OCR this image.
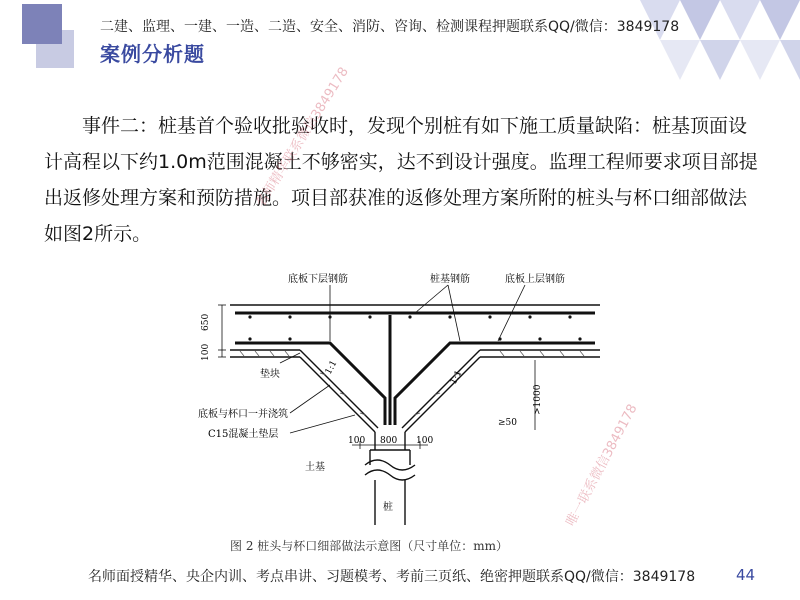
二建、监理、一建、一造、二造、安全、消防、咨询、检测课程押题联系QQ/微信：3849178
案例分析题

事件二：桩基首个验收批验收时，发现个别桩有如下施工质量缺陷：桩基顶面设计高程以下约1.0m范围混凝土不够密实，达不到设计强度。监理工程师要求项目部提出返修处理方案和预防措施。项目部获准的返修处理方案所附的桩头与杯口细部做法如图2所示。

底板下层钢筋	桩基钢筋	底板上层钢筋
650
100
垫块	1:1
1:1
底板与杯口一并浇筑
C15混凝土垫层
>1000
≥50
100 800 100
土基
桩
图 2 桩头与杯口细部做法示意图（尺寸单位：mm）
名师精华联系微信3849178
唯一联系微信3849178
名师面授精华、央企内训、考点串讲、习题模考、考前三页纸、绝密押题联系QQ/微信：3849178	44
